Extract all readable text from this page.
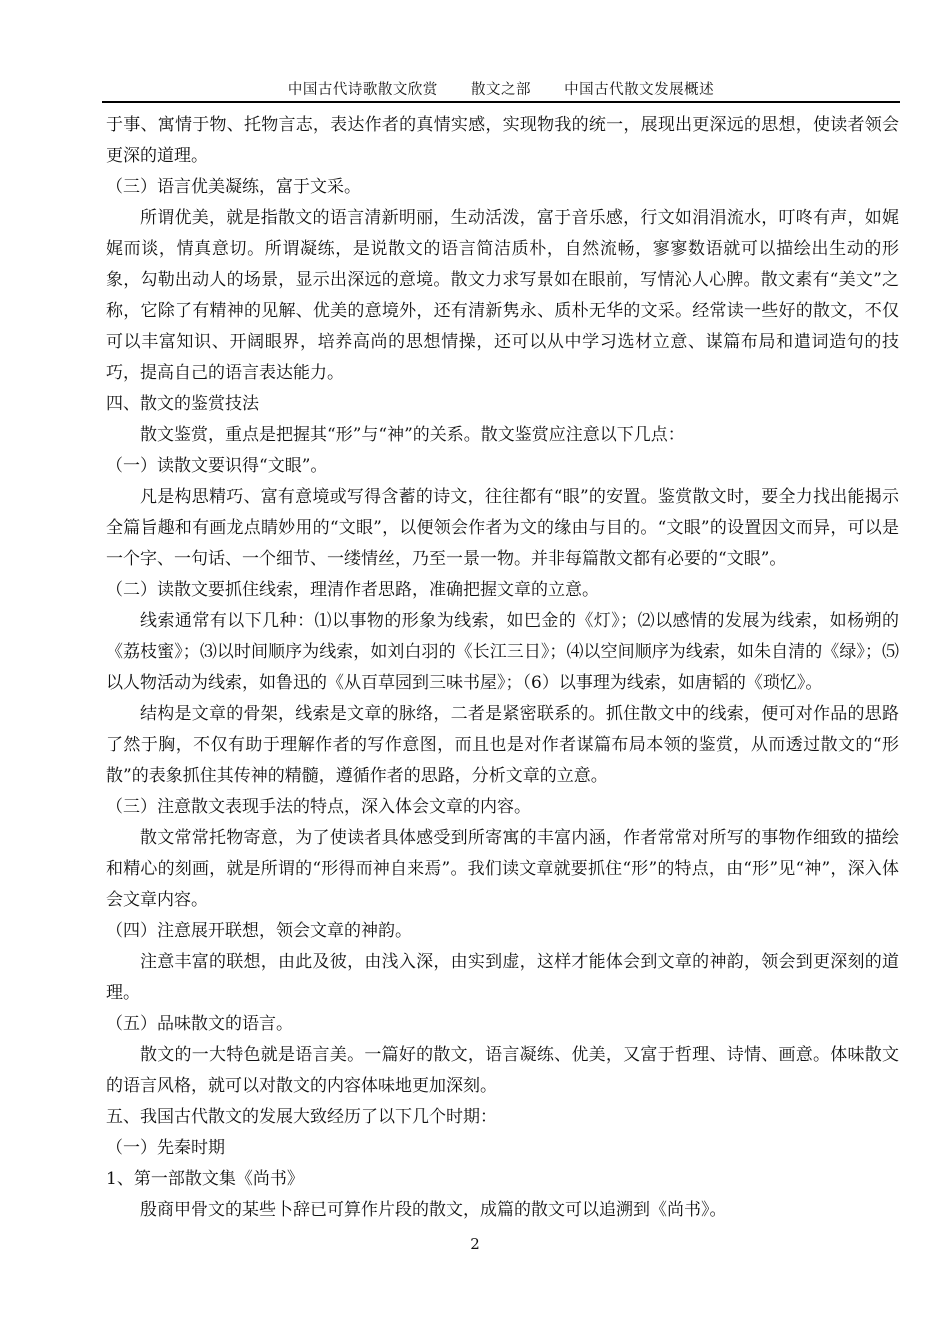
中国古代诗歌散文欣赏 散文之部 中国古代散文发展概述

于事、寓情于物、托物言志，表达作者的真情实感，实现物我的统一，展现出更深远的思想，使读者领会更深的道理。

（三）语言优美凝练，富于文采。

所谓优美，就是指散文的语言清新明丽，生动活泼，富于音乐感，行文如涓涓流水，叮咚有声，如娓娓而谈，情真意切。所谓凝练，是说散文的语言简洁质朴，自然流畅，寥寥数语就可以描绘出生动的形象，勾勒出动人的场景，显示出深远的意境。散文力求写景如在眼前，写情沁人心脾。散文素有“美文”之称，它除了有精神的见解、优美的意境外，还有清新隽永、质朴无华的文采。经常读一些好的散文，不仅可以丰富知识、开阔眼界，培养高尚的思想情操，还可以从中学习选材立意、谋篇布局和遣词造句的技巧，提高自己的语言表达能力。

四、散文的鉴赏技法

散文鉴赏，重点是把握其“形”与“神”的关系。散文鉴赏应注意以下几点：

（一）读散文要识得“文眼”。

凡是构思精巧、富有意境或写得含蓄的诗文，往往都有“眼”的安置。鉴赏散文时，要全力找出能揭示全篇旨趣和有画龙点睛妙用的“文眼”，以便领会作者为文的缘由与目的。“文眼”的设置因文而异，可以是一个字、一句话、一个细节、一缕情丝，乃至一景一物。并非每篇散文都有必要的“文眼”。

（二）读散文要抓住线索，理清作者思路，准确把握文章的立意。

线索通常有以下几种：⑴以事物的形象为线索，如巴金的《灯》；⑵以感情的发展为线索，如杨朔的《荔枝蜜》；⑶以时间顺序为线索，如刘白羽的《长江三日》；⑷以空间顺序为线索，如朱自清的《绿》；⑸以人物活动为线索，如鲁迅的《从百草园到三味书屋》；（6）以事理为线索，如唐韬的《琐忆》。

结构是文章的骨架，线索是文章的脉络，二者是紧密联系的。抓住散文中的线索，便可对作品的思路了然于胸，不仅有助于理解作者的写作意图，而且也是对作者谋篇布局本领的鉴赏，从而透过散文的“形散”的表象抓住其传神的精髓，遵循作者的思路，分析文章的立意。

（三）注意散文表现手法的特点，深入体会文章的内容。

散文常常托物寄意，为了使读者具体感受到所寄寓的丰富内涵，作者常常对所写的事物作细致的描绘和精心的刻画，就是所谓的“形得而神自来焉”。我们读文章就要抓住“形”的特点，由“形”见“神”，深入体会文章内容。

（四）注意展开联想，领会文章的神韵。

注意丰富的联想，由此及彼，由浅入深，由实到虚，这样才能体会到文章的神韵，领会到更深刻的道理。

（五）品味散文的语言。

散文的一大特色就是语言美。一篇好的散文，语言凝练、优美，又富于哲理、诗情、画意。体味散文的语言风格，就可以对散文的内容体味地更加深刻。

五、我国古代散文的发展大致经历了以下几个时期：

（一）先秦时期

1、第一部散文集《尚书》

殷商甲骨文的某些卜辞已可算作片段的散文，成篇的散文可以追溯到《尚书》。

2
